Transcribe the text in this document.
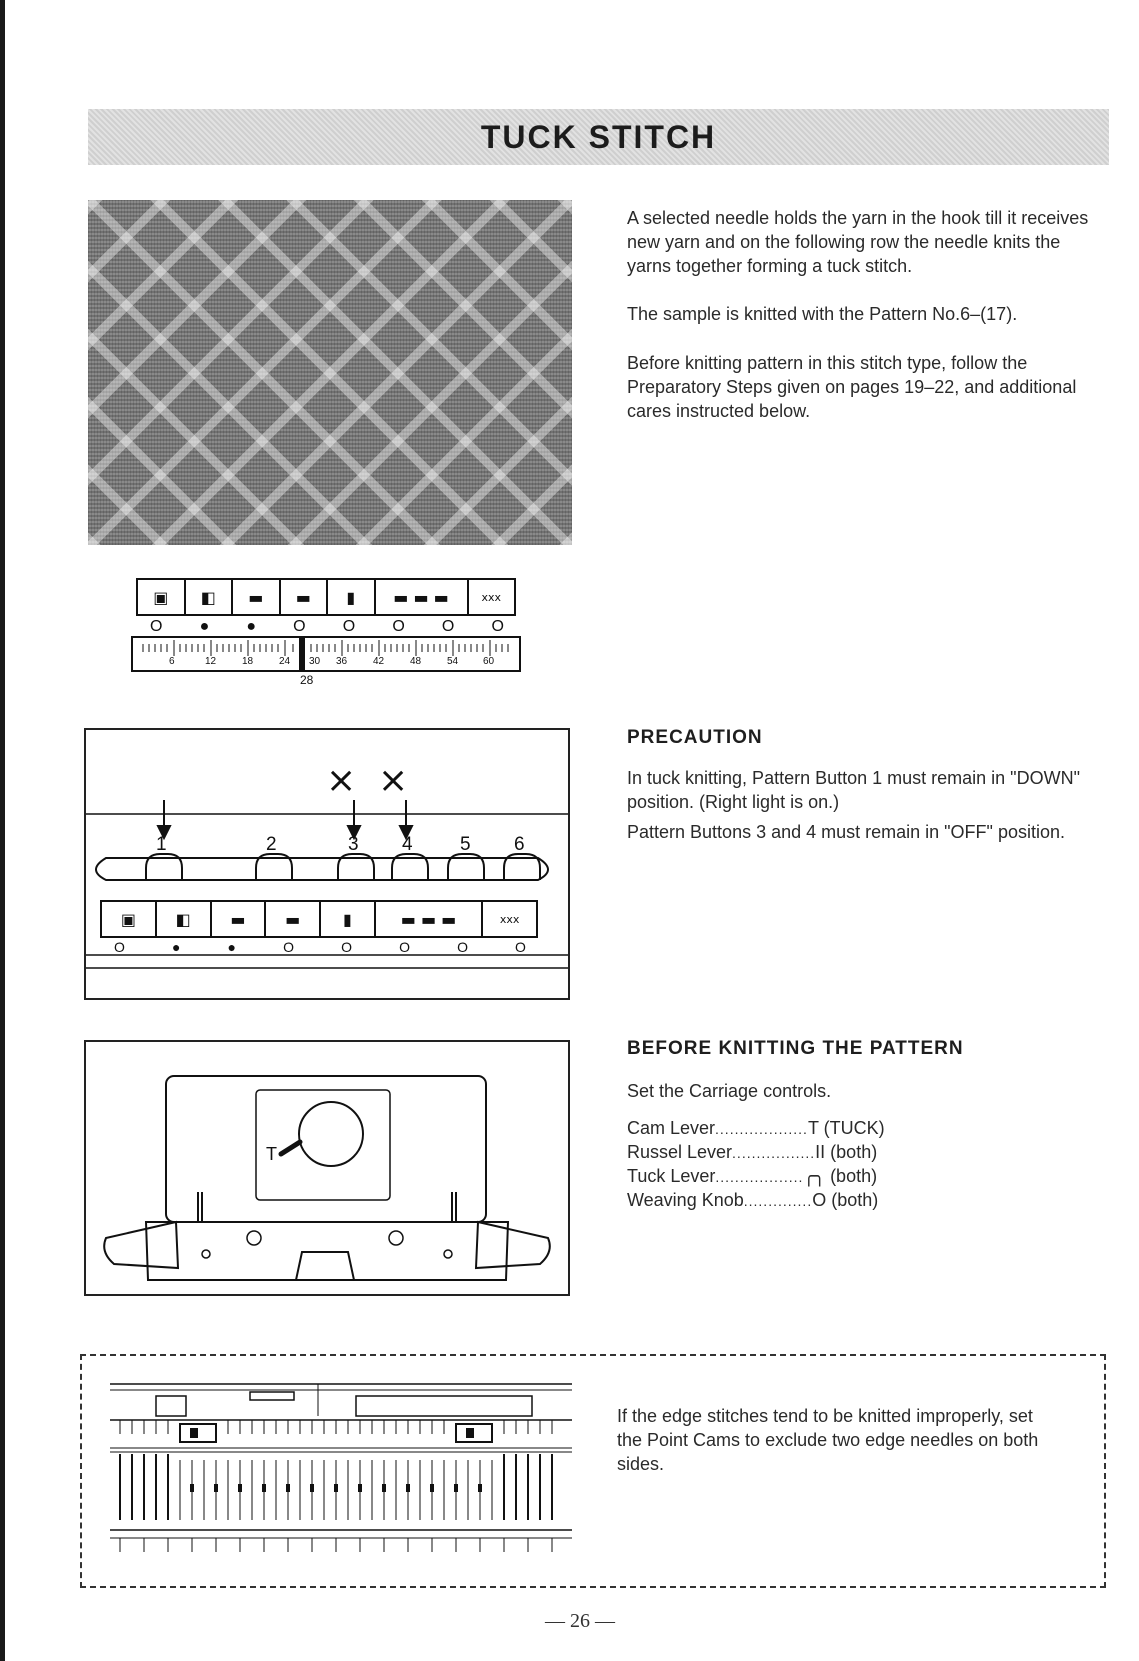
TUCK STITCH

A selected needle holds the yarn in the hook till it receives new yarn and on the following row the needle knits the yarns together forming a tuck stitch.

The sample is knitted with the Pattern No.6–(17).

Before knitting pattern in this stitch type, follow the Preparatory Steps given on pages 19–22, and additional cares instructed below.

▣ ◧ ▬ ▬ ▮ ▬ ▬ ▬	xxx
O ● ● O O O O O
6	12	18	24 30 36	42	48	54 60
28
× ×
1	2	3 4 5 6
▣ ◧ ▬ ▬	▮	▬ ▬ ▬	xxx
O	●	●	O	O	O	O	O
PRECAUTION

In tuck knitting, Pattern Button 1 must remain in "DOWN" position. (Right light is on.)

Pattern Buttons 3 and 4 must remain in "OFF" position.

T
BEFORE KNITTING THE PATTERN

Set the Carriage controls.

Cam Lever...................T (TUCK)
Russel Lever.................II (both)
Tuck Lever..................╭╮ (both)
Weaving Knob..............O (both)

If the edge stitches tend to be knitted improperly, set the Point Cams to exclude two edge needles on both sides.

— 26 —
